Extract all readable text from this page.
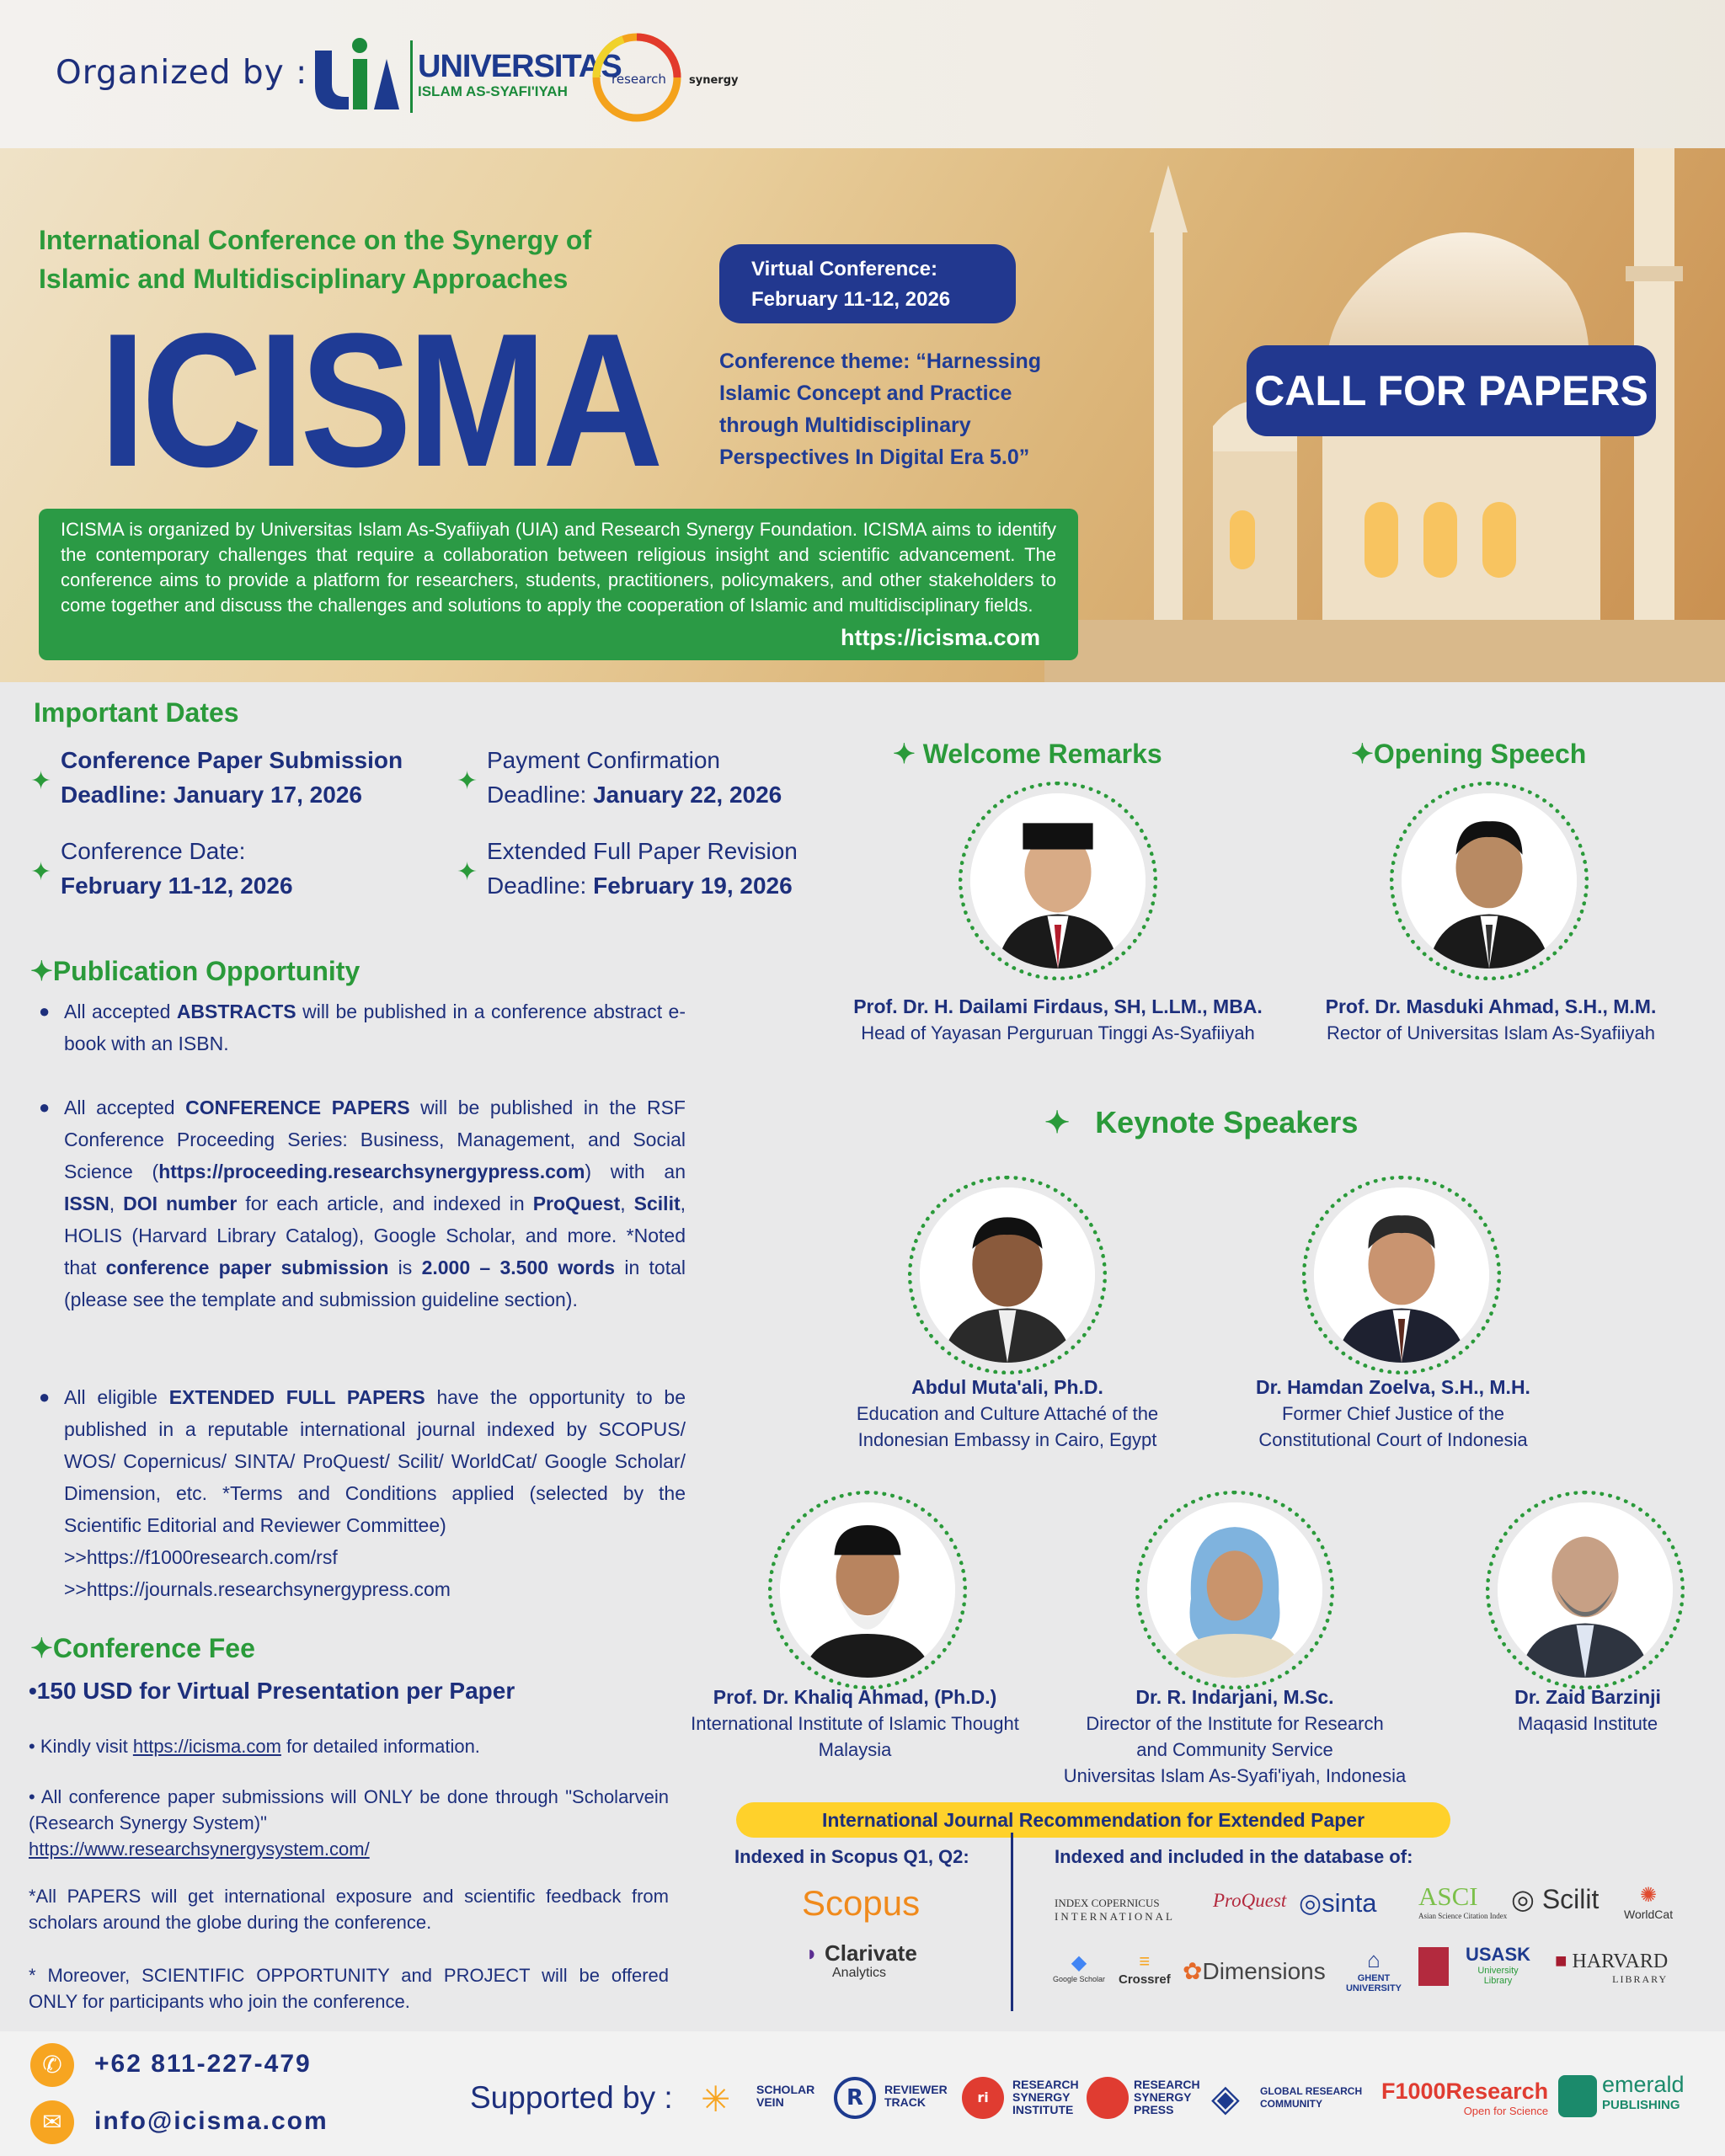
Organized by :	UNIVERSITAS
ISLAM AS-SYAFI'IYAH
research synergy
International Conference on the Synergy of Islamic and Multidisciplinary Approaches
ICISMA
Virtual Conference:
February 11-12, 2026
Conference theme: “Harnessing Islamic Concept and Practice through Multidisciplinary Perspectives In Digital Era 5.0”
CALL FOR PAPERS
ICISMA is organized by Universitas Islam As-Syafiiyah (UIA) and Research Synergy Foundation. ICISMA aims to identify the contemporary challenges that require a collaboration between religious insight and scientific advancement. The conference aims to provide a platform for researchers, students, practitioners, policymakers, and other stakeholders to come together and discuss the challenges and solutions to apply the cooperation of Islamic and multidisciplinary fields.
https://icisma.com
Important Dates
✦
Conference Paper Submission
Deadline: January 17, 2026	✦
Payment Confirmation
Deadline: January 22, 2026
✦
Conference Date:
February 11-12, 2026	✦
Extended Full Paper Revision
Deadline: February 19, 2026
✦Publication Opportunity
● All accepted ABSTRACTS will be published in a conference abstract e-book with an ISBN.
● All accepted CONFERENCE PAPERS will be published in the RSF Conference Proceeding Series: Business, Management, and Social Science (https://proceeding.researchsynergypress.com) with an ISSN, DOI number for each article, and indexed in ProQuest, Scilit, HOLIS (Harvard Library Catalog), Google Scholar, and more. *Noted that conference paper submission is 2.000 – 3.500 words in total (please see the template and submission guideline section).
● All eligible EXTENDED FULL PAPERS have the opportunity to be published in a reputable international journal indexed by SCOPUS/ WOS/ Copernicus/ SINTA/ ProQuest/ Scilit/ WorldCat/ Google Scholar/ Dimension, etc. *Terms and Conditions applied (selected by the Scientific Editorial and Reviewer Committee)
>>https://f1000research.com/rsf
>>https://journals.researchsynergypress.com
✦Conference Fee
•150 USD for Virtual Presentation per Paper
• Kindly visit https://icisma.com for detailed information.
• All conference paper submissions will ONLY be done through "Scholarvein (Research Synergy System)"
https://www.researchsynergysystem.com/
*All PAPERS will get international exposure and scientific feedback from scholars around the globe during the conference.
* Moreover, SCIENTIFIC OPPORTUNITY and PROJECT will be offered ONLY for participants who join the conference.
✦ Welcome Remarks	✦Opening Speech
Prof. Dr. H. Dailami Firdaus, SH, L.LM., MBA.
Head of Yayasan Perguruan Tinggi As-Syafiiyah
Prof. Dr. Masduki Ahmad, S.H., M.M.
Rector of Universitas Islam As-Syafiiyah
✦ Keynote Speakers
Abdul Muta'ali, Ph.D.
Education and Culture Attaché of the
Indonesian Embassy in Cairo, Egypt
Dr. Hamdan Zoelva, S.H., M.H.
Former Chief Justice of the
Constitutional Court of Indonesia
Prof. Dr. Khaliq Ahmad, (Ph.D.)
International Institute of Islamic Thought
Malaysia
Dr. R. Indarjani, M.Sc.
Director of the Institute for Research
and Community Service
Universitas Islam As-Syafi'iyah, Indonesia
Dr. Zaid Barzinji
Maqasid Institute
International Journal Recommendation for Extended Paper
Indexed in Scopus Q1, Q2:	Indexed and included in the database of:
Scopus
◗ Clarivate
Analytics
INDEX COPERNICUS
INTERNATIONAL
ProQuest ◎sinta ASCI
Asian Science Citation Index
◎ Scilit	✺
WorldCat
◆
Google Scholar
≡
Crossref ✿Dimensions	⌂
GHENT UNIVERSITY
USASK
University Library
■ HARVARD
LIBRARY
✆	+62 811-227-479
✉	info@icisma.com
Supported by : ✳ SCHOLAR VEIN	R	REVIEWER TRACK	ri
RESEARCH SYNERGY INSTITUTE
RESEARCH SYNERGY PRESS	◈ GLOBAL RESEARCH COMMUNITY	F1000Research
Open for Science
emerald
PUBLISHING
